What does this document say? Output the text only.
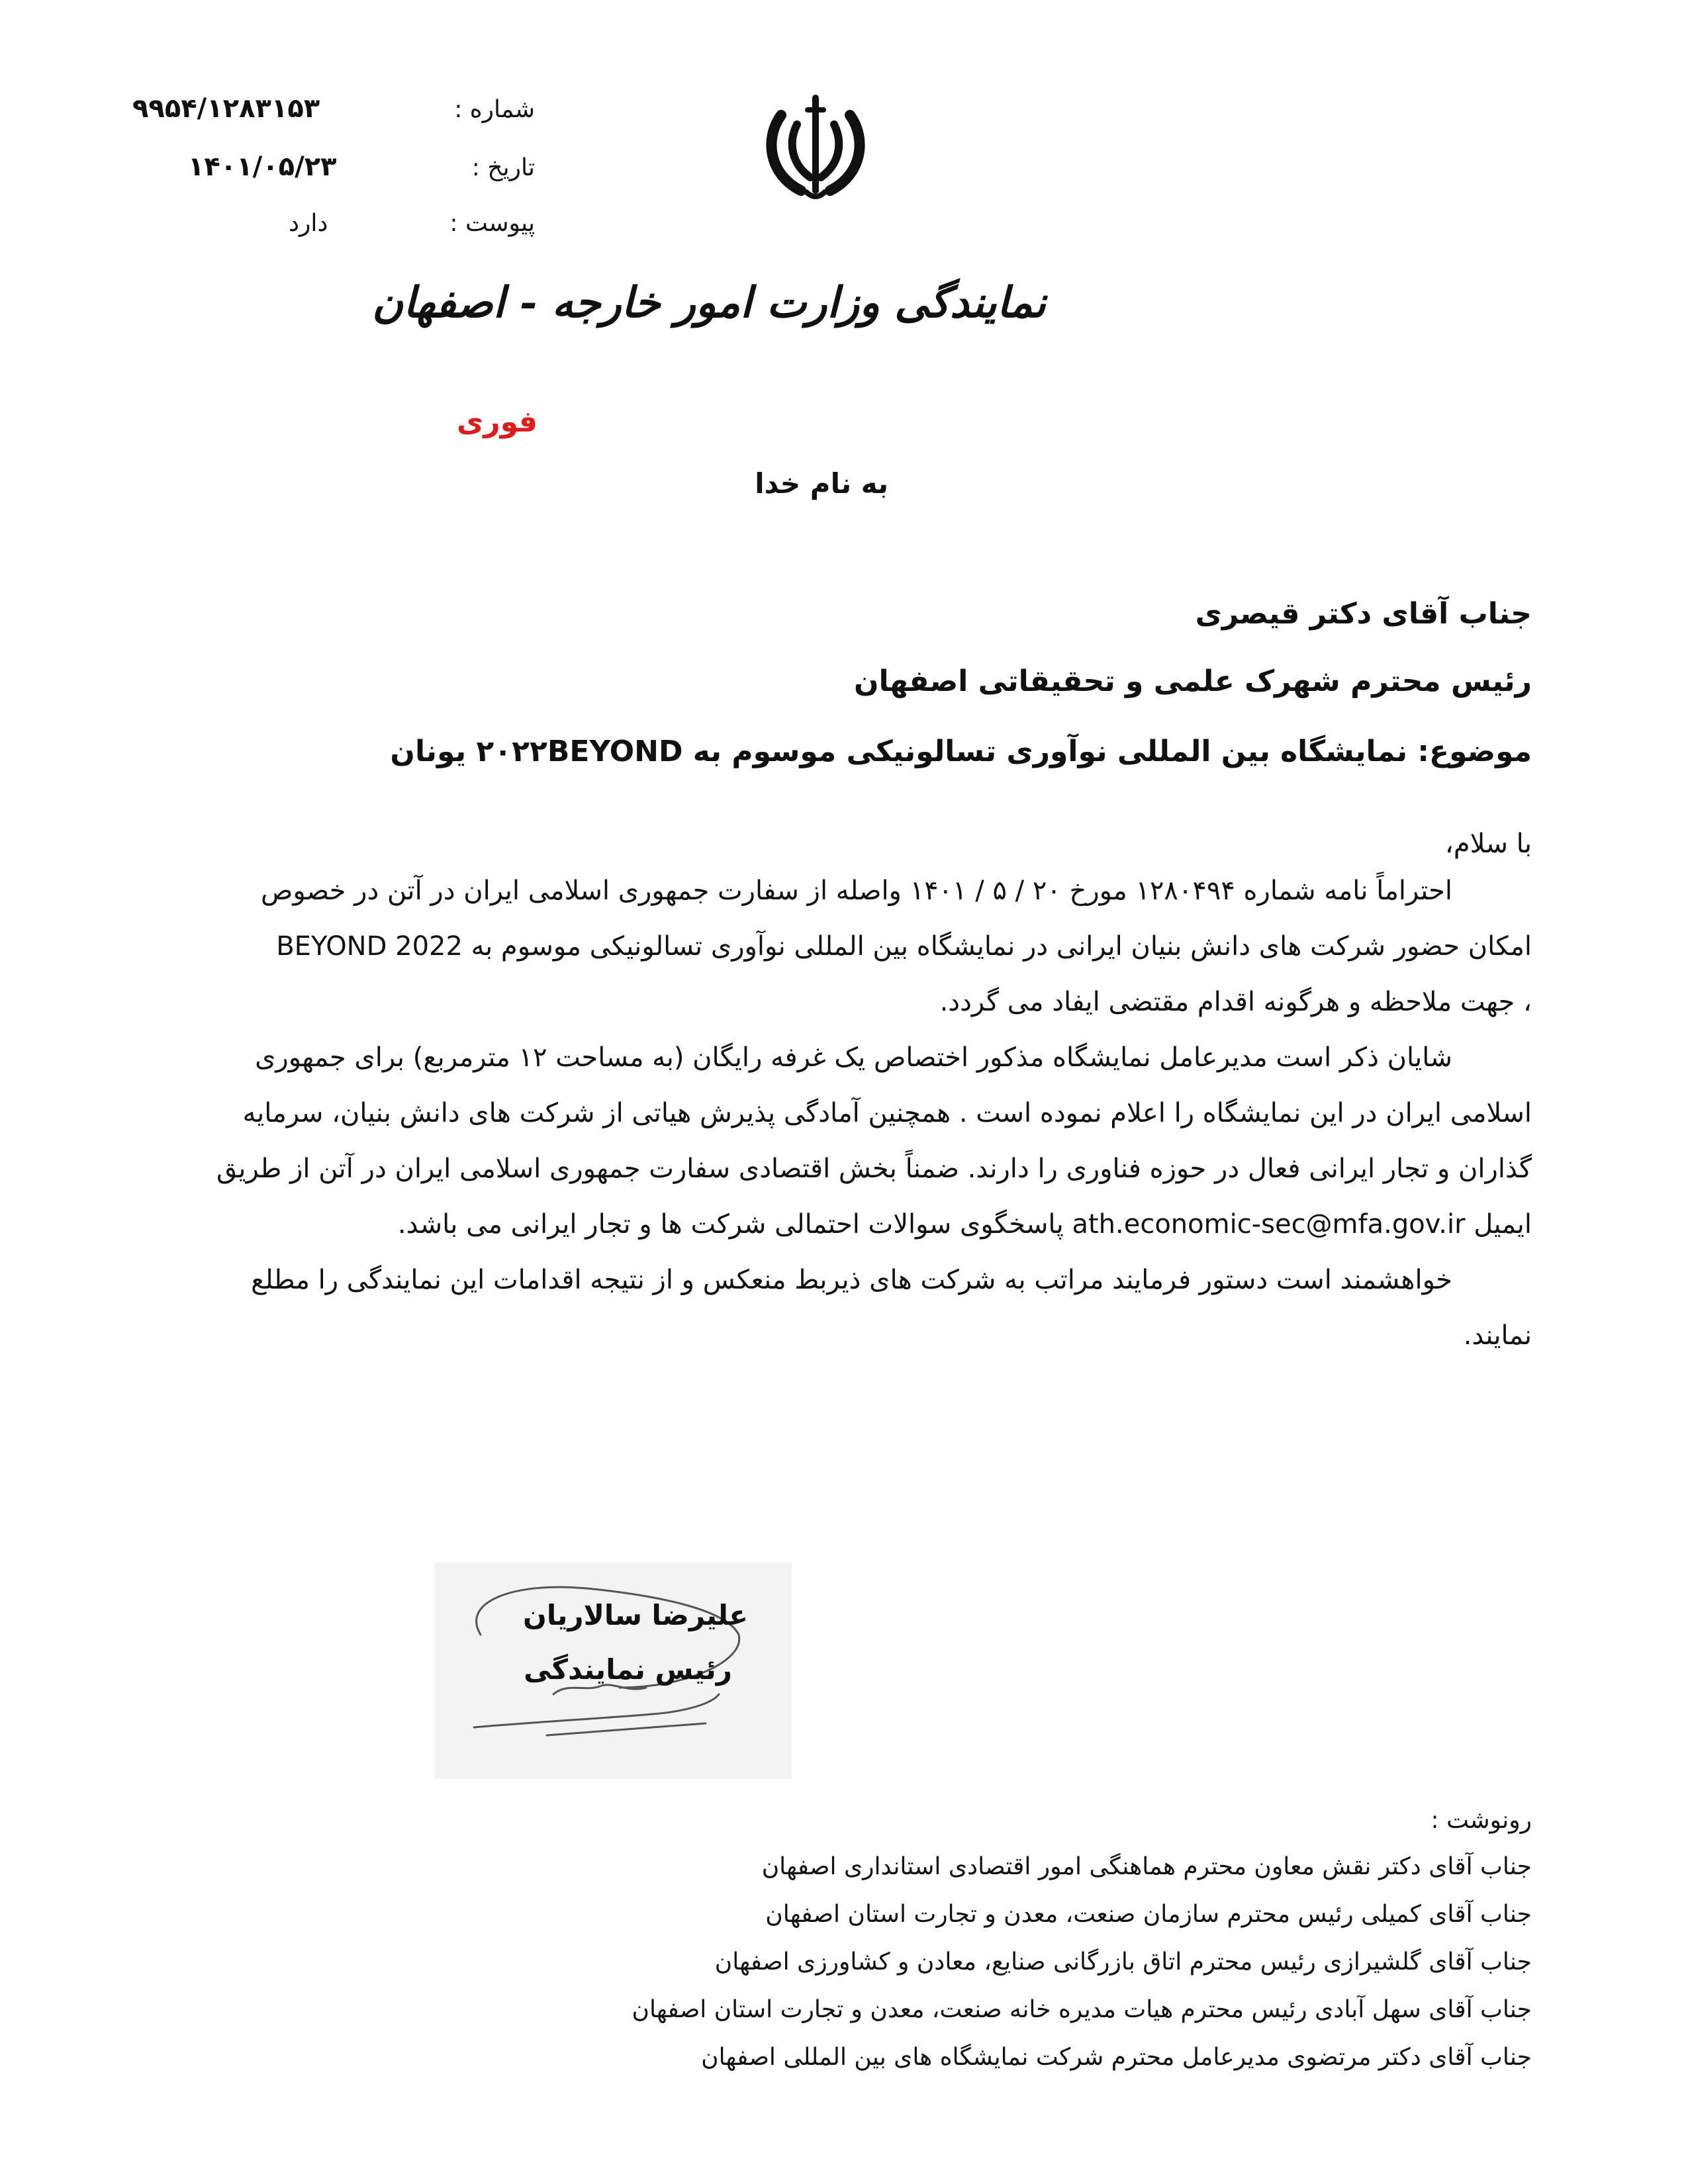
شماره :
۹۹۵۴/۱۲۸۳۱۵۳
تاریخ :
۱۴۰۱/۰۵/۲۳
پیوست :
دارد
نمایندگی وزارت امور خارجه - اصفهان
فوری
به نام خدا
جناب آقای دکتر قیصری
رئیس محترم شهرک علمی و تحقیقاتی اصفهان
موضوع: نمایشگاه بین المللی نوآوری تسالونیکی موسوم به ۲۰۲۲BEYOND یونان
با سلام،

احتراماً نامه شماره ۱۲۸۰۴۹۴ مورخ ۲۰ / ۵ / ۱۴۰۱ واصله از سفارت جمهوری اسلامی ایران در آتن در خصوص

امکان حضور شرکت های دانش بنیان ایرانی در نمایشگاه بین المللی نوآوری تسالونیکی موسوم به BEYOND 2022

، جهت ملاحظه و هرگونه اقدام مقتضی ایفاد می گردد.

شایان ذکر است مدیرعامل نمایشگاه مذکور اختصاص یک غرفه رایگان (به مساحت ۱۲ مترمربع) برای جمهوری

اسلامی ایران در این نمایشگاه را اعلام نموده است . همچنین آمادگی پذیرش هیاتی از شرکت های دانش بنیان، سرمایه

گذاران و تجار ایرانی فعال در حوزه فناوری را دارند. ضمناً بخش اقتصادی سفارت جمهوری اسلامی ایران در آتن از طریق

ایمیل ath.economic-sec@mfa.gov.ir پاسخگوی سوالات احتمالی شرکت ها و تجار ایرانی می باشد.

خواهشمند است دستور فرمایند مراتب به شرکت های ذیربط منعکس و از نتیجه اقدامات این نمایندگی را مطلع

نمایند.

علیرضا سالاریان
رئیس نمایندگی
رونوشت :
جناب آقای دکتر نقش معاون محترم هماهنگی امور اقتصادی استانداری اصفهان
جناب آقای کمیلی رئیس محترم سازمان صنعت، معدن و تجارت استان اصفهان
جناب آقای گلشیرازی رئیس محترم اتاق بازرگانی صنایع، معادن و کشاورزی اصفهان
جناب آقای سهل آبادی رئیس محترم هیات مدیره خانه صنعت، معدن و تجارت استان اصفهان
جناب آقای دکتر مرتضوی مدیرعامل محترم شرکت نمایشگاه های بین المللی اصفهان
